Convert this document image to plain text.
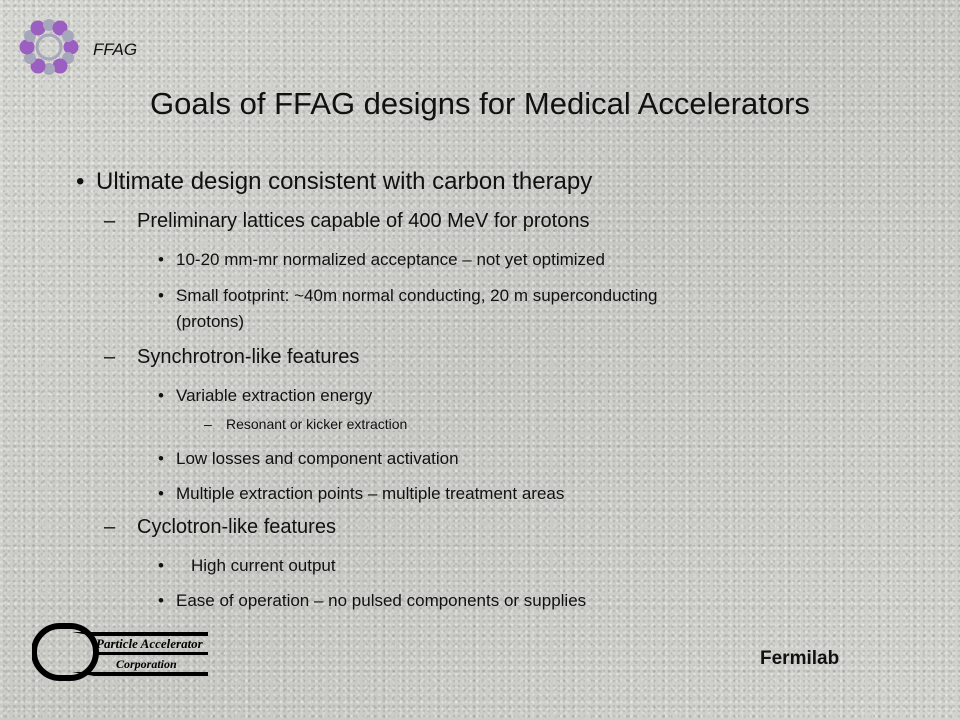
FFAG
Goals of FFAG designs for Medical Accelerators
• Ultimate design consistent with carbon therapy
– Preliminary lattices capable of 400 MeV for protons
• 10-20 mm-mr normalized acceptance – not yet optimized
• Small footprint: ~40m normal conducting, 20 m superconducting
(protons)
– Synchrotron-like features
• Variable extraction energy
– Resonant or kicker extraction
• Low losses and component activation
• Multiple extraction points – multiple treatment areas
– Cyclotron-like features
• High current output
• Ease of operation – no pulsed components or supplies
Particle Accelerator
Corporation	Fermilab
